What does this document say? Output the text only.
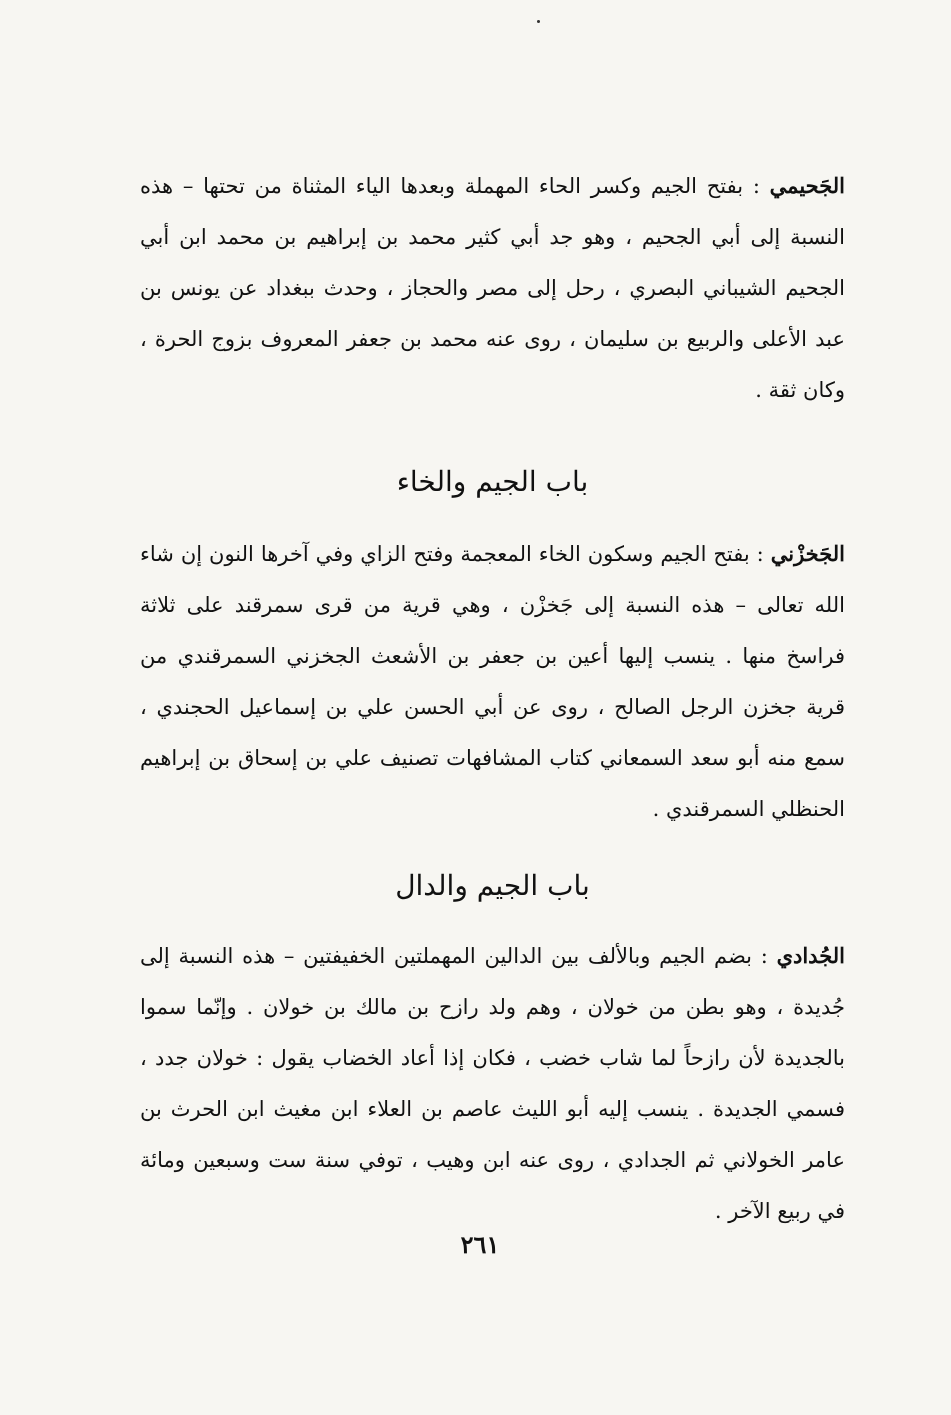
الجَحيمي : بفتح الجيم وكسر الحاء المهملة وبعدها الياء المثناة من تحتها – هذه النسبة إلى أبي الجحيم ، وهو جد أبي كثير محمد بن إبراهيم بن محمد ابن أبي الجحيم الشيباني البصري ، رحل إلى مصر والحجاز ، وحدث ببغداد عن يونس بن عبد الأعلى والربيع بن سليمان ، روى عنه محمد بن جعفر المعروف بزوج الحرة ، وكان ثقة .
باب الجيم والخاء
الجَخزْني : بفتح الجيم وسكون الخاء المعجمة وفتح الزاي وفي آخرها النون إن شاء الله تعالى – هذه النسبة إلى جَخزْن ، وهي قرية من قرى سمرقند على ثلاثة فراسخ منها . ينسب إليها أعين بن جعفر بن الأشعث الجخزني السمرقندي من قرية جخزن الرجل الصالح ، روى عن أبي الحسن علي بن إسماعيل الحجندي ، سمع منه أبو سعد السمعاني كتاب المشافهات تصنيف علي بن إسحاق بن إبراهيم الحنظلي السمرقندي .
باب الجيم والدال
الجُدادي : بضم الجيم وبالألف بين الدالين المهملتين الخفيفتين – هذه النسبة إلى جُديدة ، وهو بطن من خولان ، وهم ولد رازح بن مالك بن خولان . وإنّما سموا بالجديدة لأن رازحاً لما شاب خضب ، فكان إذا أعاد الخضاب يقول : خولان جدد ، فسمي الجديدة . ينسب إليه أبو الليث عاصم بن العلاء ابن مغيث ابن الحرث بن عامر الخولاني ثم الجدادي ، روى عنه ابن وهيب ، توفي سنة ست وسبعين ومائة في ربيع الآخر .
٢٦١
